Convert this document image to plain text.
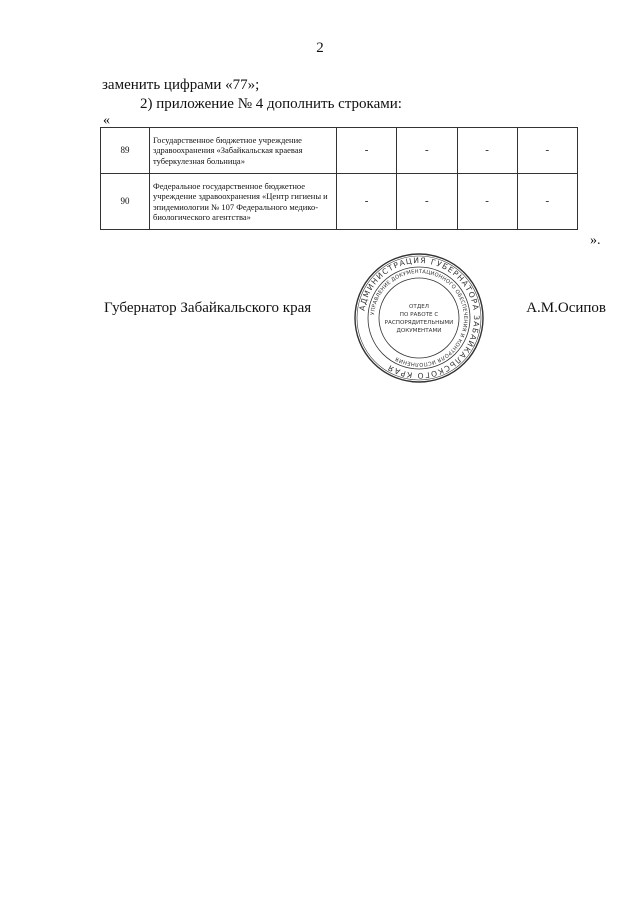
2
заменить цифрами «77»;
2) приложение № 4 дополнить строками:
«
89	Государственное бюджетное учреждение здравоохранения «Забайкальская краевая туберкулезная больница»	-	-	-	-
90	Федеральное государственное бюджетное учреждение здравоохранения «Центр гигиены и эпидемиологии № 107 Федерального медико-биологического агентства»	-	-	-	-
».
Губернатор Забайкальского края	А.М.Осипов
АДМИНИСТРАЦИЯ ГУБЕРНАТОРА ЗАБАЙКАЛЬСКОГО КРАЯ
УПРАВЛЕНИЕ ДОКУМЕНТАЦИОННОГО ОБЕСПЕЧЕНИЯ И КОНТРОЛЯ ИСПОЛНЕНИЯ
ОТДЕЛ
ПО РАБОТЕ С
РАСПОРЯДИТЕЛЬНЫМИ
ДОКУМЕНТАМИ
